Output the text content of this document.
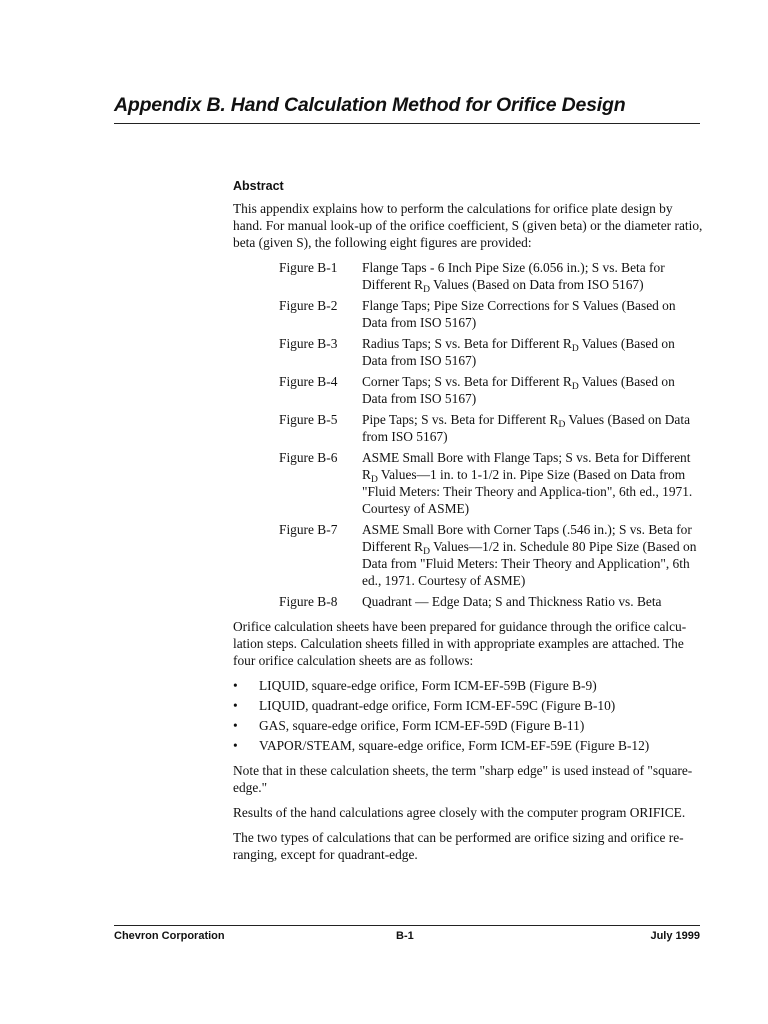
Appendix B. Hand Calculation Method for Orifice Design
Abstract

This appendix explains how to perform the calculations for orifice plate design by hand. For manual look-up of the orifice coefficient, S (given beta) or the diameter ratio, beta (given S), the following eight figures are provided:

Figure B-1	Flange Taps - 6 Inch Pipe Size (6.056 in.); S vs. Beta for Different $R_D$ Values (Based on Data from ISO 5167)
Figure B-2	Flange Taps; Pipe Size Corrections for S Values (Based on Data from ISO 5167)
Figure B-3	Radius Taps; S vs. Beta for Different $R_D$ Values (Based on Data from ISO 5167)
Figure B-4	Corner Taps; S vs. Beta for Different $R_D$ Values (Based on Data from ISO 5167)
Figure B-5	Pipe Taps; S vs. Beta for Different $R_D$ Values (Based on Data from ISO 5167)
Figure B-6	ASME Small Bore with Flange Taps; S vs. Beta for Different $R_D$ Values—1 in. to 1-1/2 in. Pipe Size (Based on Data from "Fluid Meters: Their Theory and Applica-tion", 6th ed., 1971. Courtesy of ASME)
Figure B-7	ASME Small Bore with Corner Taps (.546 in.); S vs. Beta for Different $R_D$ Values—1/2 in. Schedule 80 Pipe Size (Based on Data from "Fluid Meters: Their Theory and Application", 6th ed., 1971. Courtesy of ASME)
Figure B-8	Quadrant — Edge Data; S and Thickness Ratio vs. Beta

Orifice calculation sheets have been prepared for guidance through the orifice calcu-lation steps. Calculation sheets filled in with appropriate examples are attached. The four orifice calculation sheets are as follows:

•	LIQUID, square-edge orifice, Form ICM-EF-59B (Figure B-9)
•	LIQUID, quadrant-edge orifice, Form ICM-EF-59C (Figure B-10)
•	GAS, square-edge orifice, Form ICM-EF-59D (Figure B-11)
•	VAPOR/STEAM, square-edge orifice, Form ICM-EF-59E (Figure B-12)

Note that in these calculation sheets, the term "sharp edge" is used instead of "square-edge."

Results of the hand calculations agree closely with the computer program ORIFICE.

The two types of calculations that can be performed are orifice sizing and orifice re-ranging, except for quadrant-edge.

Chevron Corporation	B-1	July 1999
